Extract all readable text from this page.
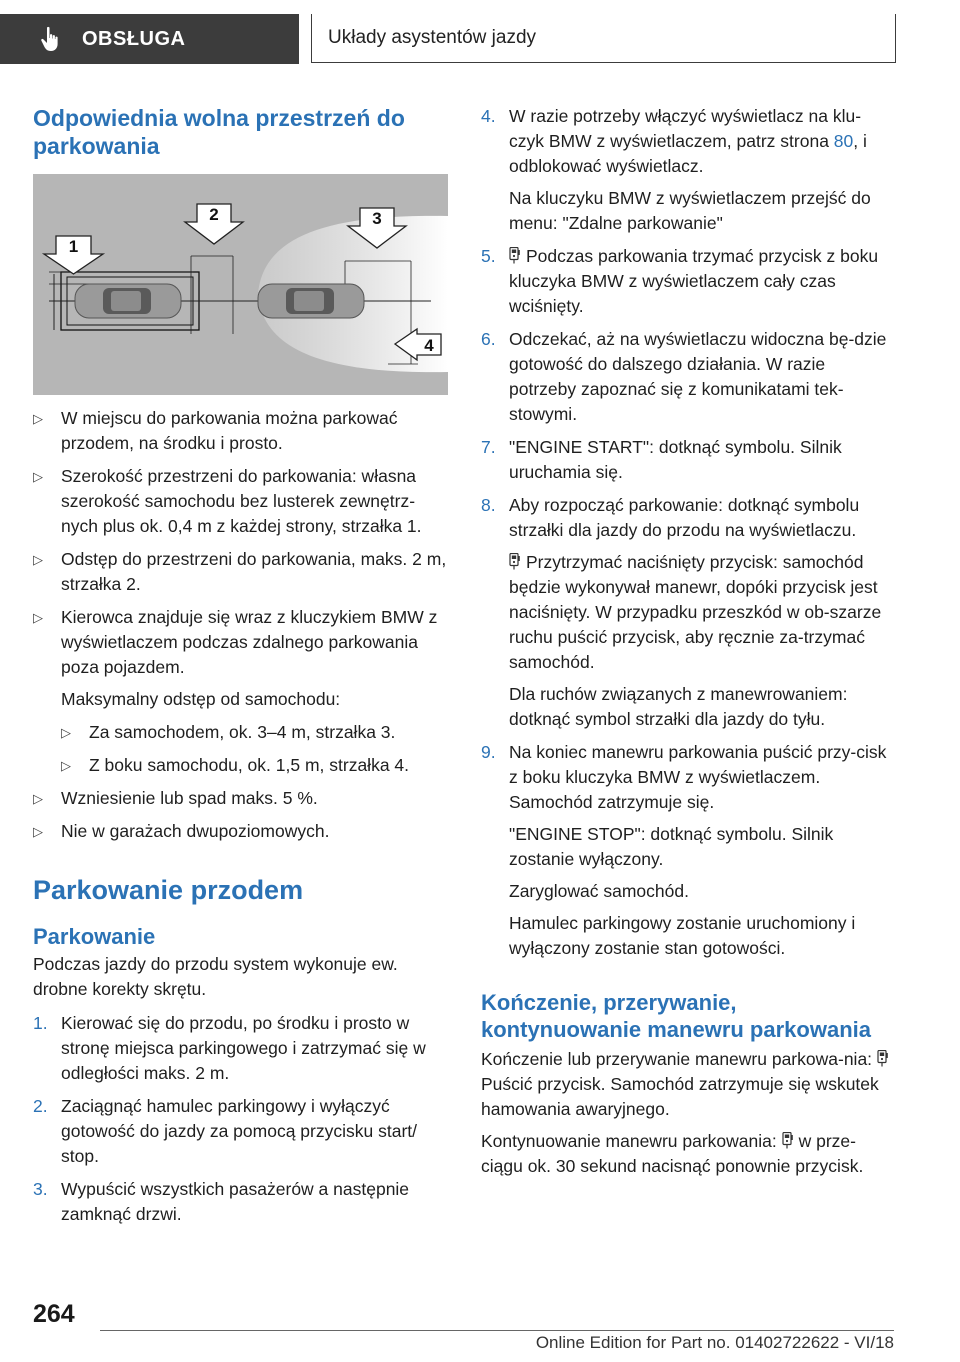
OBSŁUGA	Układy asystentów jazdy
Odpowiednia wolna przestrzeń do parkowania
1
2	3
4
▷ W miejscu do parkowania można parkować przodem, na środku i prosto.
▷ Szerokość przestrzeni do parkowania: własna szerokość samochodu bez lusterek zewnętrz-nych plus ok. 0,4 m z każdej strony, strzałka 1.
▷ Odstęp do przestrzeni do parkowania, maks. 2 m, strzałka 2.
▷ Kierowca znajduje się wraz z kluczykiem BMW z wyświetlaczem podczas zdalnego parkowania poza pojazdem.

Maksymalny odstęp od samochodu:

▷ Za samochodem, ok. 3–4 m, strzałka 3.
▷ Z boku samochodu, ok. 1,5 m, strzałka 4.
▷ Wzniesienie lub spad maks. 5 %.
▷ Nie w garażach dwupoziomowych.
Parkowanie przodem
Parkowanie

Podczas jazdy do przodu system wykonuje ew. drobne korekty skrętu.

1. Kierować się do przodu, po środku i prosto w stronę miejsca parkingowego i zatrzymać się w odległości maks. 2 m.
2. Zaciągnąć hamulec parkingowy i wyłączyć gotowość do jazdy za pomocą przycisku start/ stop.
3. Wypuścić wszystkich pasażerów a następnie zamknąć drzwi.
4. W razie potrzeby włączyć wyświetlacz na klu-czyk BMW z wyświetlaczem, patrz strona 80, i odblokować wyświetlacz.

Na kluczyku BMW z wyświetlaczem przejść do menu: "Zdalne parkowanie"

5. Podczas parkowania trzymać przycisk z boku kluczyka BMW z wyświetlaczem cały czas wciśnięty.
6. Odczekać, aż na wyświetlaczu widoczna bę-dzie gotowość do dalszego działania. W razie potrzeby zapoznać się z komunikatami tek-stowymi.
7. "ENGINE START": dotknąć symbolu. Silnik uruchamia się.
8. Aby rozpocząć parkowanie: dotknąć symbolu strzałki dla jazdy do przodu na wyświetlaczu.

Przytrzymać naciśnięty przycisk: samochód będzie wykonywał manewr, dopóki przycisk jest naciśnięty. W przypadku przeszkód w ob-szarze ruchu puścić przycisk, aby ręcznie za-trzymać samochód.

Dla ruchów związanych z manewrowaniem: dotknąć symbol strzałki dla jazdy do tyłu.

9. Na koniec manewru parkowania puścić przy-cisk z boku kluczyka BMW z wyświetlaczem. Samochód zatrzymuje się.

"ENGINE STOP": dotknąć symbolu. Silnik zostanie wyłączony.

Zaryglować samochód.

Hamulec parkingowy zostanie uruchomiony i wyłączony zostanie stan gotowości.

Kończenie, przerywanie, kontynuowanie manewru parkowania

Kończenie lub przerywanie manewru parkowa-nia: Puścić przycisk. Samochód zatrzymuje się wskutek hamowania awaryjnego.

Kontynuowanie manewru parkowania: w prze-ciągu ok. 30 sekund nacisnąć ponownie przycisk.

264
Online Edition for Part no. 01402722622 - VI/18
